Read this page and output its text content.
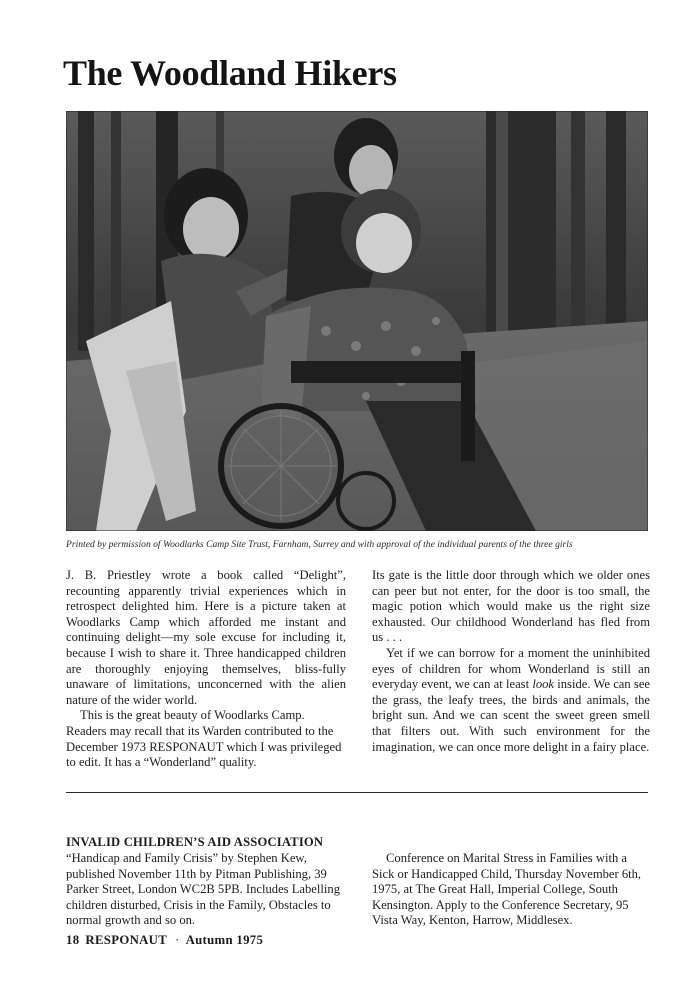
The Woodland Hikers
Printed by permission of Woodlarks Camp Site Trust, Farnham, Surrey and with approval of the individual parents of the three girls

J. B. Priestley wrote a book called “Delight”, recounting apparently trivial experiences which in retrospect delighted him. Here is a picture taken at Woodlarks Camp which afforded me instant and continuing delight—my sole excuse for including it, because I wish to share it. Three handicapped children are thoroughly enjoying themselves, bliss-fully unaware of limitations, unconcerned with the alien nature of the wider world.

This is the great beauty of Woodlarks Camp. Readers may recall that its Warden contributed to the December 1973 RESPONAUT which I was privileged to edit. It has a “Wonderland” quality.

Its gate is the little door through which we older ones can peer but not enter, for the door is too small, the magic potion which would make us the right size exhausted. Our childhood Wonderland has fled from us . . .

Yet if we can borrow for a moment the uninhibited eyes of children for whom Wonderland is still an everyday event, we can at least look inside. We can see the grass, the leafy trees, the birds and animals, the bright sun. And we can scent the sweet green smell that filters out. With such environment for the imagination, we can once more delight in a fairy place.

INVALID CHILDREN’S AID ASSOCIATION

“Handicap and Family Crisis” by Stephen Kew, published November 11th by Pitman Publishing, 39 Parker Street, London WC2B 5PB. Includes Labelling children disturbed, Crisis in the Family, Obstacles to normal growth and so on.

Conference on Marital Stress in Families with a Sick or Handicapped Child, Thursday November 6th, 1975, at The Great Hall, Imperial College, South Kensington. Apply to the Conference Secretary, 95 Vista Way, Kenton, Harrow, Middlesex.

18 RESPONAUT · Autumn 1975
